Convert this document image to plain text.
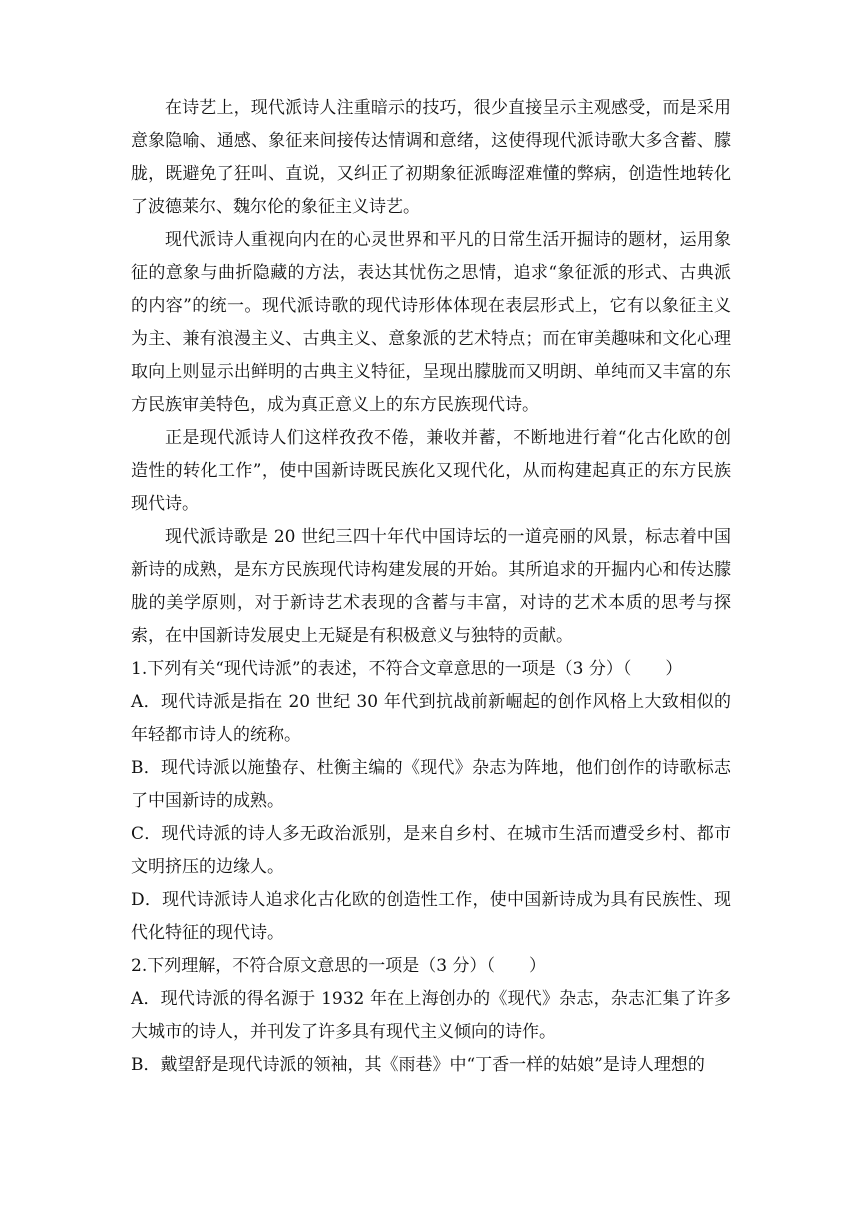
在诗艺上，现代派诗人注重暗示的技巧，很少直接呈示主观感受，而是采用意象隐喻、通感、象征来间接传达情调和意绪，这使得现代派诗歌大多含蓄、朦胧，既避免了狂叫、直说，又纠正了初期象征派晦涩难懂的弊病，创造性地转化了波德莱尔、魏尔伦的象征主义诗艺。

现代派诗人重视向内在的心灵世界和平凡的日常生活开掘诗的题材，运用象征的意象与曲折隐藏的方法，表达其忧伤之思情，追求“象征派的形式、古典派的内容”的统一。现代派诗歌的现代诗形体体现在表层形式上，它有以象征主义为主、兼有浪漫主义、古典主义、意象派的艺术特点；而在审美趣味和文化心理取向上则显示出鲜明的古典主义特征，呈现出朦胧而又明朗、单纯而又丰富的东方民族审美特色，成为真正意义上的东方民族现代诗。

正是现代派诗人们这样孜孜不倦，兼收并蓄，不断地进行着“化古化欧的创造性的转化工作”，使中国新诗既民族化又现代化，从而构建起真正的东方民族现代诗。

现代派诗歌是 20 世纪三四十年代中国诗坛的一道亮丽的风景，标志着中国新诗的成熟，是东方民族现代诗构建发展的开始。其所追求的开掘内心和传达朦胧的美学原则，对于新诗艺术表现的含蓄与丰富，对诗的艺术本质的思考与探索，在中国新诗发展史上无疑是有积极意义与独特的贡献。

1.下列有关“现代诗派”的表述，不符合文章意思的一项是（3 分）（　　）

A．现代诗派是指在 20 世纪 30 年代到抗战前新崛起的创作风格上大致相似的年轻都市诗人的统称。

B．现代诗派以施蛰存、杜衡主编的《现代》杂志为阵地，他们创作的诗歌标志了中国新诗的成熟。

C．现代诗派的诗人多无政治派别，是来自乡村、在城市生活而遭受乡村、都市文明挤压的边缘人。

D．现代诗派诗人追求化古化欧的创造性工作，使中国新诗成为具有民族性、现代化特征的现代诗。

2.下列理解，不符合原文意思的一项是（3 分）（　　）

A．现代诗派的得名源于 1932 年在上海创办的《现代》杂志，杂志汇集了许多大城市的诗人，并刊发了许多具有现代主义倾向的诗作。

B．戴望舒是现代诗派的领袖，其《雨巷》中“丁香一样的姑娘”是诗人理想的
